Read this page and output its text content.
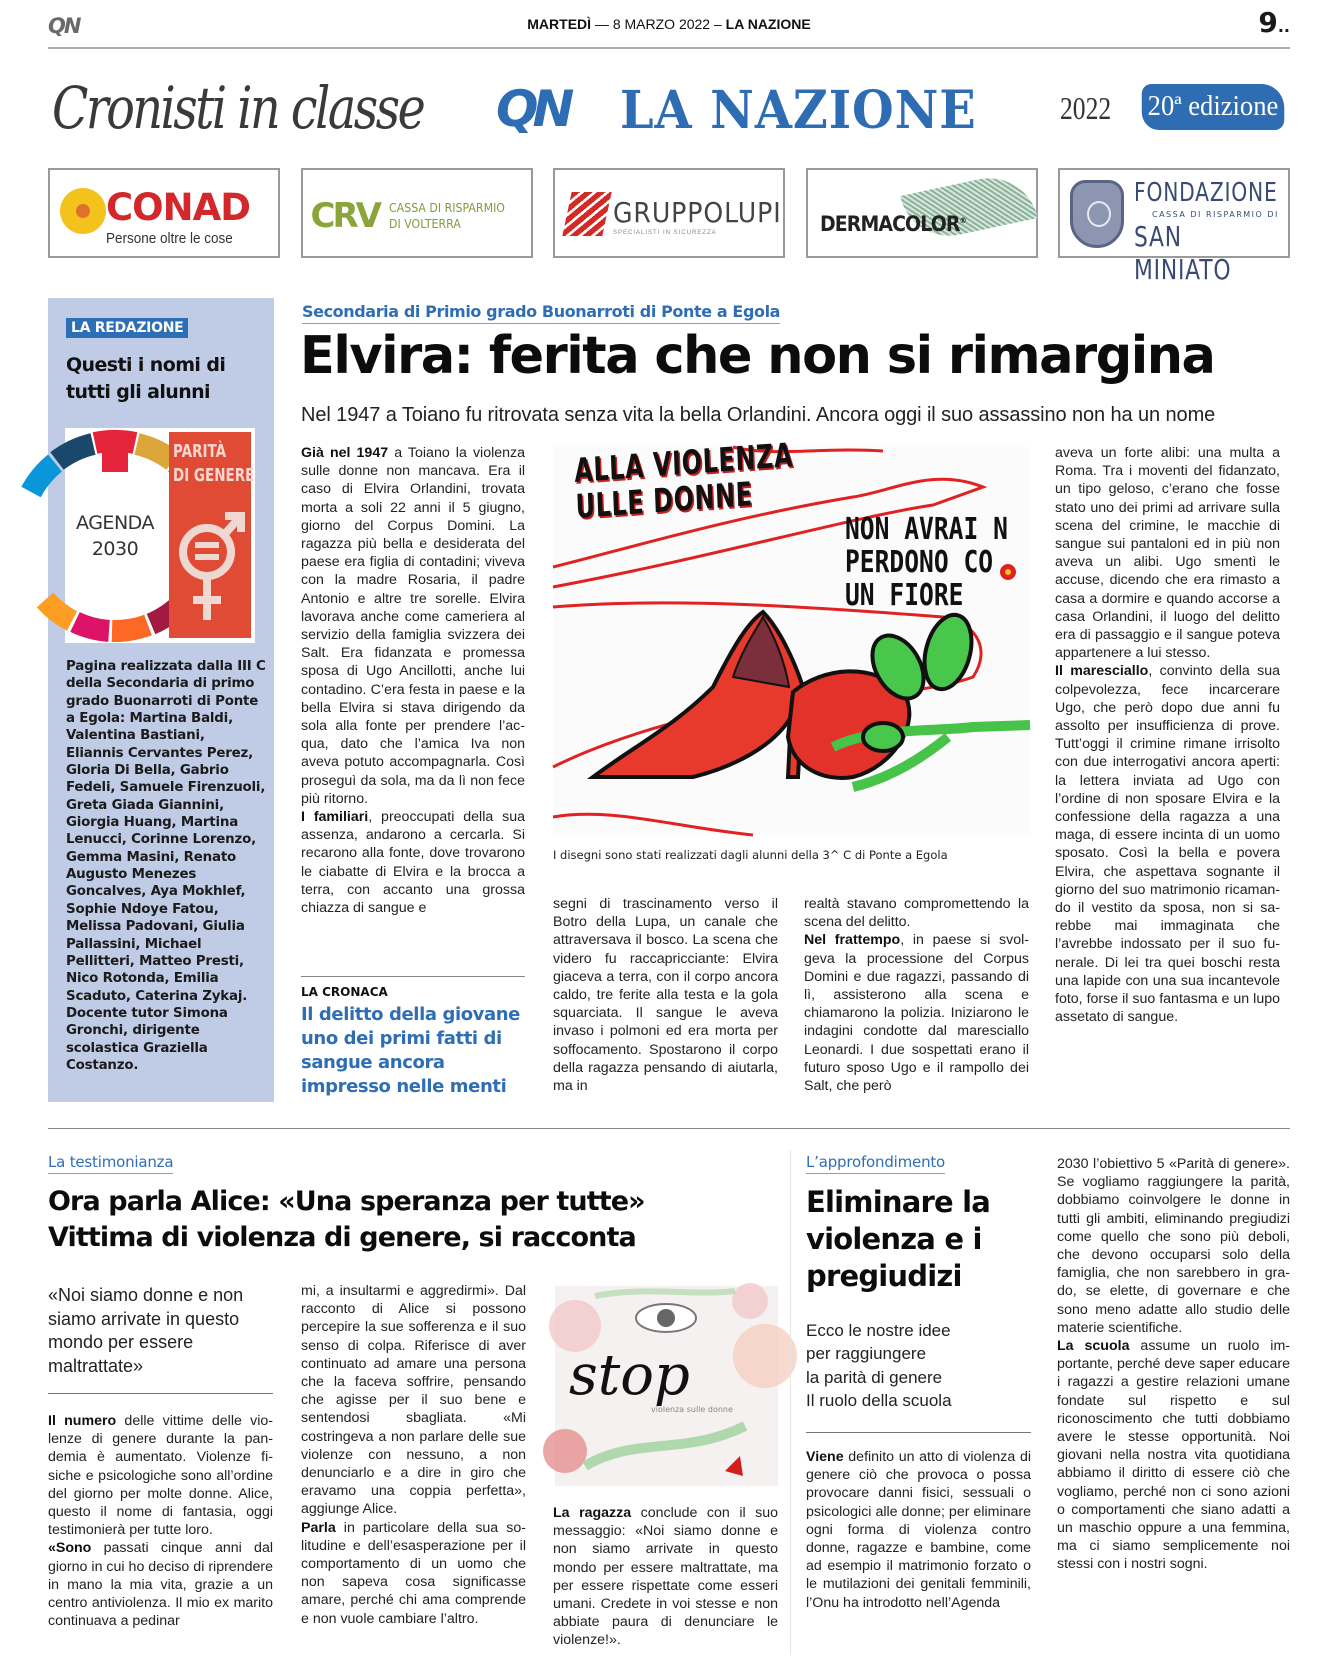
QN	MARTEDÌ — 8 MARZO 2022 – LA NAZIONE	9..
Cronisti in classe QN LA NAZIONE	2022 20ª edizione
CONAD
Persone oltre le cose
CRV CASSA DI RISPARMIO
DI VOLTERRA	GRUPPOLUPI
SPECIALISTI IN SICUREZZA	DERMACOLOR®
FONDAZIONE
CASSA DI RISPARMIO DI
SAN MINIATO
LA REDAZIONE
Questi i nomi di tutti gli alunni
AGENDA
2030
PARITÀ
DI GENERE

Pagina realizzata dalla III C della Secondaria di primo grado Buonarroti di Ponte a Egola: Martina Baldi, Valentina Bastiani, Eliannis Cervantes Perez, Gloria Di Bella, Gabrio Fedeli, Samuele Firenzuoli, Greta Giada Giannini, Giorgia Huang, Martina Lenucci, Corinne Lorenzo, Gemma Masini, Renato Augusto Menezes Goncalves, Aya Mokhlef, Sophie Ndoye Fatou, Melissa Padovani, Giulia Pallassini, Michael Pellitteri, Matteo Presti, Nico Rotonda, Emilia Scaduto, Caterina Zykaj. Docente tutor Simona Gronchi, dirigente scolastica Graziella Costanzo.

Secondaria di Primio grado Buonarroti di Ponte a Egola
Elvira: ferita che non si rimargina
Nel 1947 a Toiano fu ritrovata senza vita la bella Orlandini. Ancora oggi il suo assassino non ha un nome
Già nel 1947 a Toiano la violenza sulle donne non mancava. Era il caso di Elvira Orlandini, trovata morta a soli 22 anni il 5 giugno, giorno del Corpus Domini. La ragazza più bella e desiderata del paese era figlia di contadini; viveva con la madre Rosaria, il padre Antonio e altre tre sorelle. Elvira lavorava anche come cameriera al servizio della famiglia svizzera dei Salt. Era fidanzata e promessa sposa di Ugo Ancillotti, anche lui contadino. C’era festa in paese e la bella Elvira si stava dirigendo da sola alla fonte per prendere l’acqua, dato che l’amica Iva non aveva potuto accompagnarla. Così proseguì da sola, ma da lì non fece più ritorno.
I familiari, preoccupati della sua assenza, andarono a cercarla. Si recarono alla fonte, dove trovarono le ciabatte di Elvira e la brocca a terra, con accanto una grossa chiazza di sangue e
LA CRONACA
Il delitto della giovane uno dei primi fatti di sangue ancora impresso nelle menti
ALLA VIOLENZA
ULLE DONNE
NON AVRAI N
PERDONO CO
UN FIORE
I disegni sono stati realizzati dagli alunni della 3^ C di Ponte a Egola
segni di trascinamento verso il Botro della Lupa, un canale che attraversava il bosco. La scena che videro fu raccapricciante: Elvira giaceva a terra, con il corpo ancora caldo, tre ferite alla testa e la gola squarciata. Il sangue le aveva invaso i polmoni ed era morta per soffocamento. Spostarono il corpo della ragazza pensando di aiutarla, ma in
realtà stavano compromettendo la scena del delitto.
Nel frattempo, in paese si svolgeva la processione del Corpus Domini e due ragazzi, passando di lì, assisterono alla scena e chiamarono la polizia. Iniziarono le indagini condotte dal maresciallo Leonardi. I due sospettati erano il futuro sposo Ugo e il rampollo dei Salt, che però
aveva un forte alibi: una multa a Roma. Tra i moventi del fidanzato, un tipo geloso, c’erano che fosse stato uno dei primi ad arrivare sulla scena del crimine, le macchie di sangue sui pantaloni ed in più non aveva un alibi. Ugo smentì le accuse, dicendo che era rimasto a casa a dormire e quando accorse a casa Orlandini, il luogo del delitto era di passaggio e il sangue poteva appartenere a lui stesso.
Il maresciallo, convinto della sua colpevolezza, fece incarcerare Ugo, che però dopo due anni fu assolto per insufficienza di prove. Tutt’oggi il crimine rimane irrisolto con due interrogativi ancora aperti: la lettera inviata ad Ugo con l’ordine di non sposare Elvira e la confessione della ragazza a una maga, di essere incinta di un uomo sposato. Così la bella e povera Elvira, che aspettava sognante il giorno del suo matrimonio ricamando il vestito da sposa, non si sarebbe mai immaginata che l’avrebbe indossato per il suo funerale. Di lei tra quei boschi resta una lapide con una sua incantevole foto, forse il suo fantasma e un lupo assetato di sangue.
La testimonianza
Ora parla Alice: «Una speranza per tutte»
Vittima di violenza di genere, si racconta
«Noi siamo donne e non siamo arrivate in questo mondo per essere maltrattate»
Il numero delle vittime delle violenze di genere durante la pandemia è aumentato. Violenze fisiche e psicologiche sono all’ordine del giorno per molte donne. Alice, questo il nome di fantasia, oggi testimonierà per tutte loro.
«Sono passati cinque anni dal giorno in cui ho deciso di riprendere in mano la mia vita, grazie a un centro antiviolenza. Il mio ex marito continuava a pedinar
mi, a insultarmi e aggredirmi». Dal racconto di Alice si possono percepire la sue sofferenza e il suo senso di colpa. Riferisce di aver continuato ad amare una persona che la faceva soffrire, pensando che agisse per il suo bene e sentendosi sbagliata. «Mi costringeva a non parlare delle sue violenze con nessuno, a non denunciarlo e a dire in giro che eravamo una coppia perfetta», aggiunge Alice.
Parla in particolare della sua solitudine e dell’esasperazione per il comportamento di un uomo che non sapeva cosa significasse amare, perché chi ama comprende e non vuole cambiare l’altro.
stop
violenza sulle donne
La ragazza conclude con il suo messaggio: «Noi siamo donne e non siamo arrivate in questo mondo per essere maltrattate, ma per essere rispettate come esseri umani. Credete in voi stesse e non abbiate paura di denunciare le violenze!».
L’approfondimento
Eliminare la violenza e i pregiudizi
Ecco le nostre idee
per raggiungere
la parità di genere
Il ruolo della scuola
Viene definito un atto di violenza di genere ciò che provoca o possa provocare danni fisici, sessuali o psicologici alle donne; per eliminare ogni forma di violenza contro donne, ragazze e bambine, come ad esempio il matrimonio forzato o le mutilazioni dei genitali femminili, l’Onu ha introdotto nell’Agenda
2030 l’obiettivo 5 «Parità di genere». Se vogliamo raggiungere la parità, dobbiamo coinvolgere le donne in tutti gli ambiti, eliminando pregiudizi come quello che sono più deboli, che devono occuparsi solo della famiglia, che non sarebbero in grado, se elette, di governare e che sono meno adatte allo studio delle materie scientifiche.
La scuola assume un ruolo importante, perché deve saper educare i ragazzi a gestire relazioni umane fondate sul rispetto e sul riconoscimento che tutti dobbiamo avere le stesse opportunità. Noi giovani nella nostra vita quotidiana abbiamo il diritto di essere ciò che vogliamo, perché non ci sono azioni o comportamenti che siano adatti a un maschio oppure a una femmina, ma ci siamo semplicemente noi stessi con i nostri sogni.
